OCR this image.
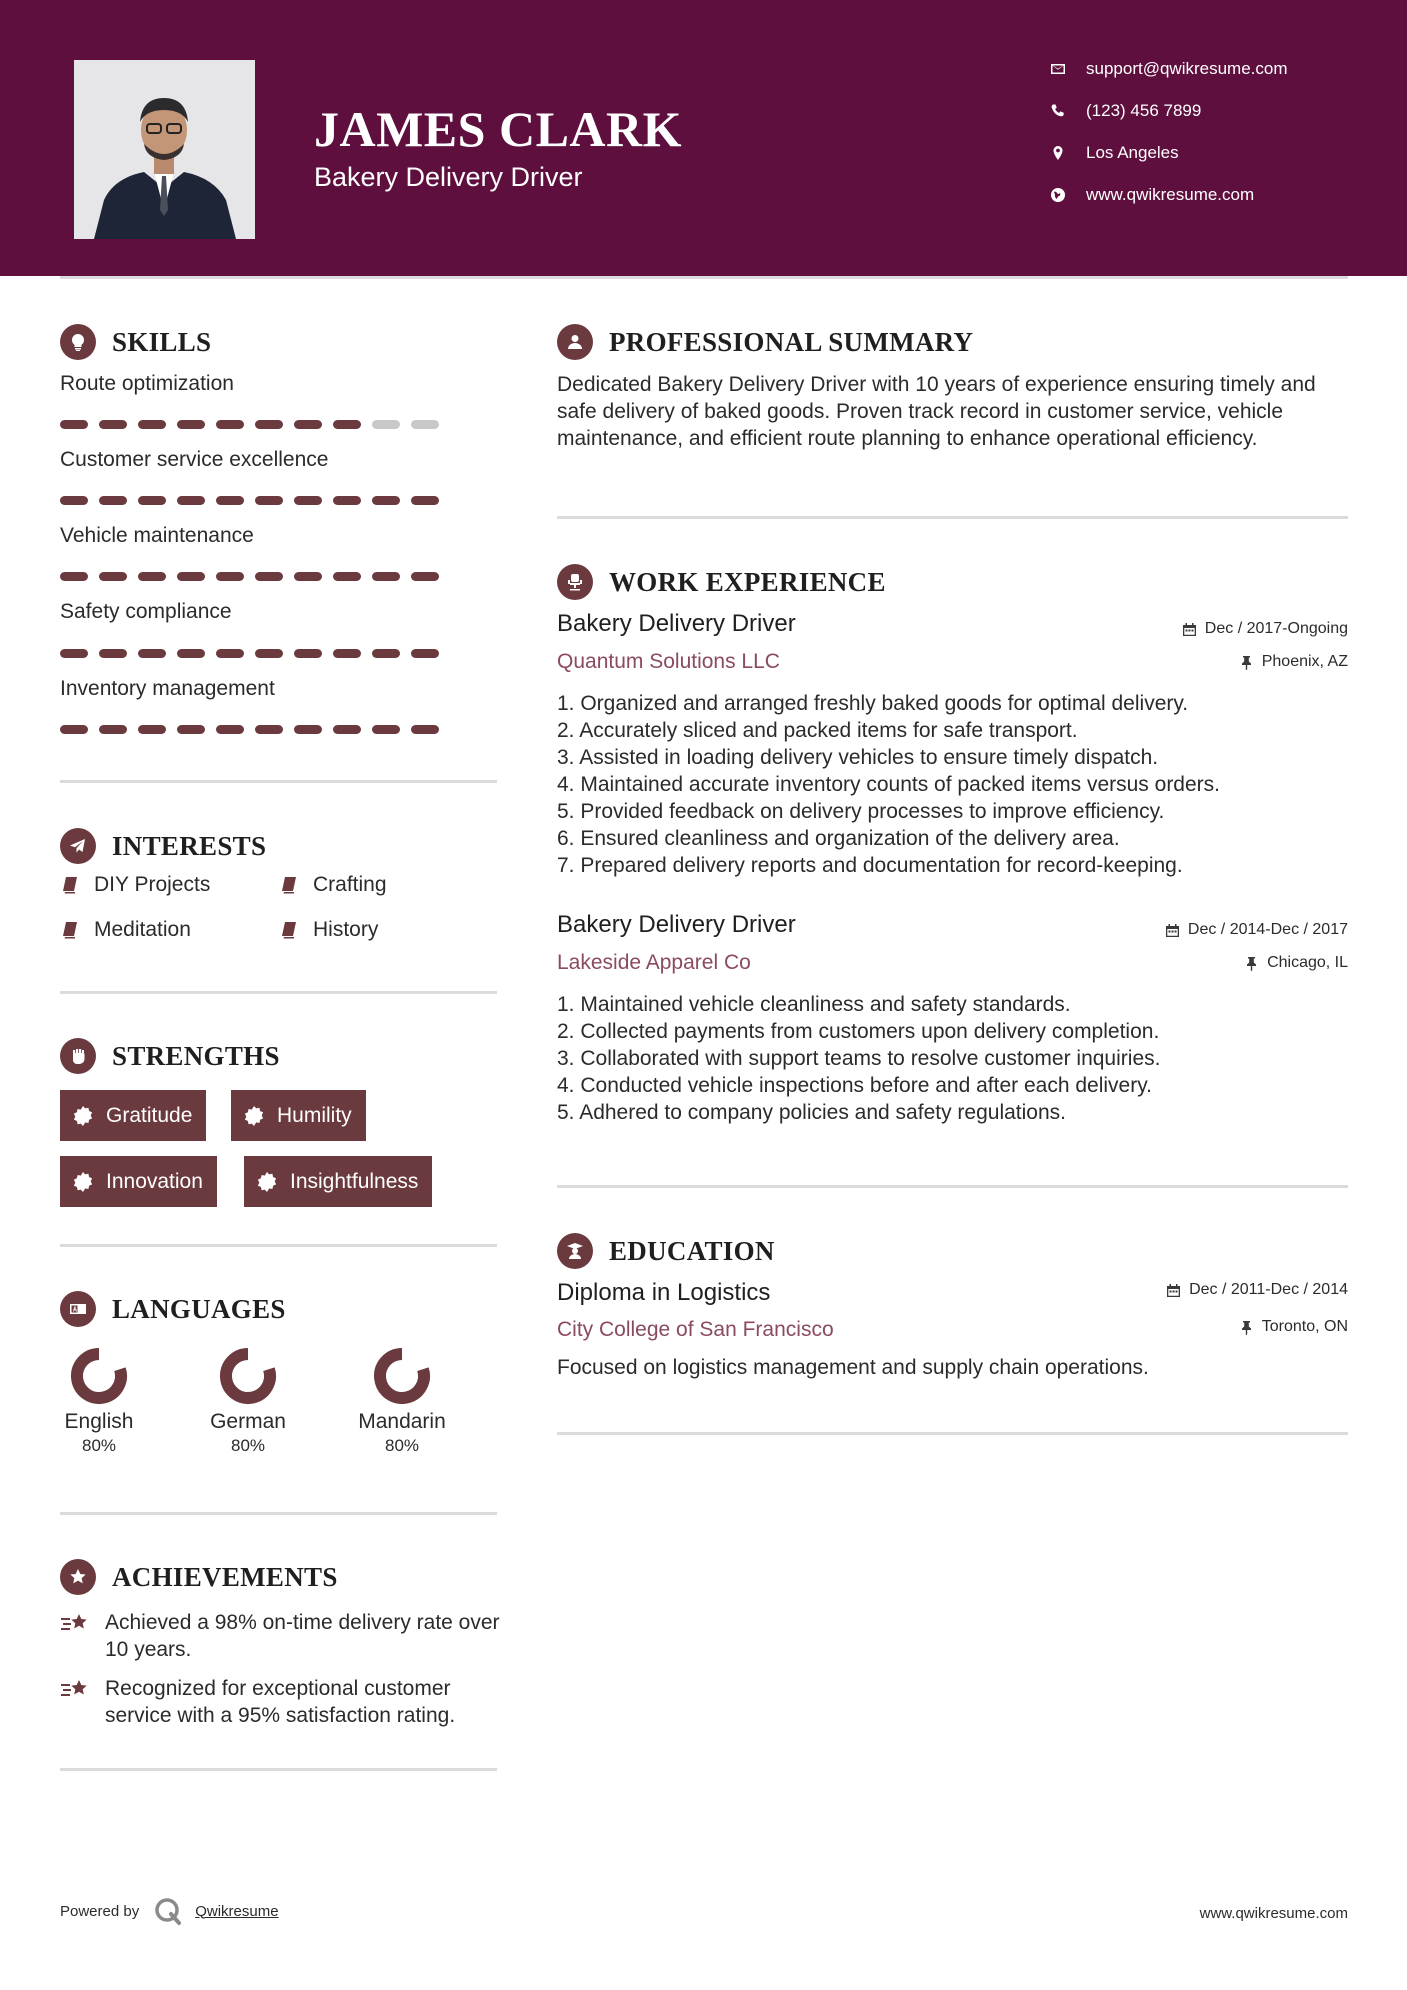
JAMES CLARK
Bakery Delivery Driver
support@qwikresume.com
(123) 456 7899
Los Angeles
www.qwikresume.com
SKILLS
Route optimization
Customer service excellence
Vehicle maintenance
Safety compliance
Inventory management
INTERESTS
DIY Projects	Crafting
Meditation	History
STRENGTHS
Gratitude	Humility
Innovation	Insightfulness
LANGUAGES
English
80%
German
80%
Mandarin
80%
ACHIEVEMENTS
Achieved a 98% on-time delivery rate over 10 years.
Recognized for exceptional customer service with a 95% satisfaction rating.
PROFESSIONAL SUMMARY
Dedicated Bakery Delivery Driver with 10 years of experience ensuring timely and safe delivery of baked goods. Proven track record in customer service, vehicle maintenance, and efficient route planning to enhance operational efficiency.
WORK EXPERIENCE
Bakery Delivery Driver	Dec / 2017-Ongoing
Quantum Solutions LLC	Phoenix, AZ
1. Organized and arranged freshly baked goods for optimal delivery.
2. Accurately sliced and packed items for safe transport.
3. Assisted in loading delivery vehicles to ensure timely dispatch.
4. Maintained accurate inventory counts of packed items versus orders.
5. Provided feedback on delivery processes to improve efficiency.
6. Ensured cleanliness and organization of the delivery area.
7. Prepared delivery reports and documentation for record-keeping.
Bakery Delivery Driver	Dec / 2014-Dec / 2017
Lakeside Apparel Co	Chicago, IL
1. Maintained vehicle cleanliness and safety standards.
2. Collected payments from customers upon delivery completion.
3. Collaborated with support teams to resolve customer inquiries.
4. Conducted vehicle inspections before and after each delivery.
5. Adhered to company policies and safety regulations.
EDUCATION
Diploma in Logistics	Dec / 2011-Dec / 2014
City College of San Francisco	Toronto, ON
Focused on logistics management and supply chain operations.
Powered by	Qwikresume	www.qwikresume.com
